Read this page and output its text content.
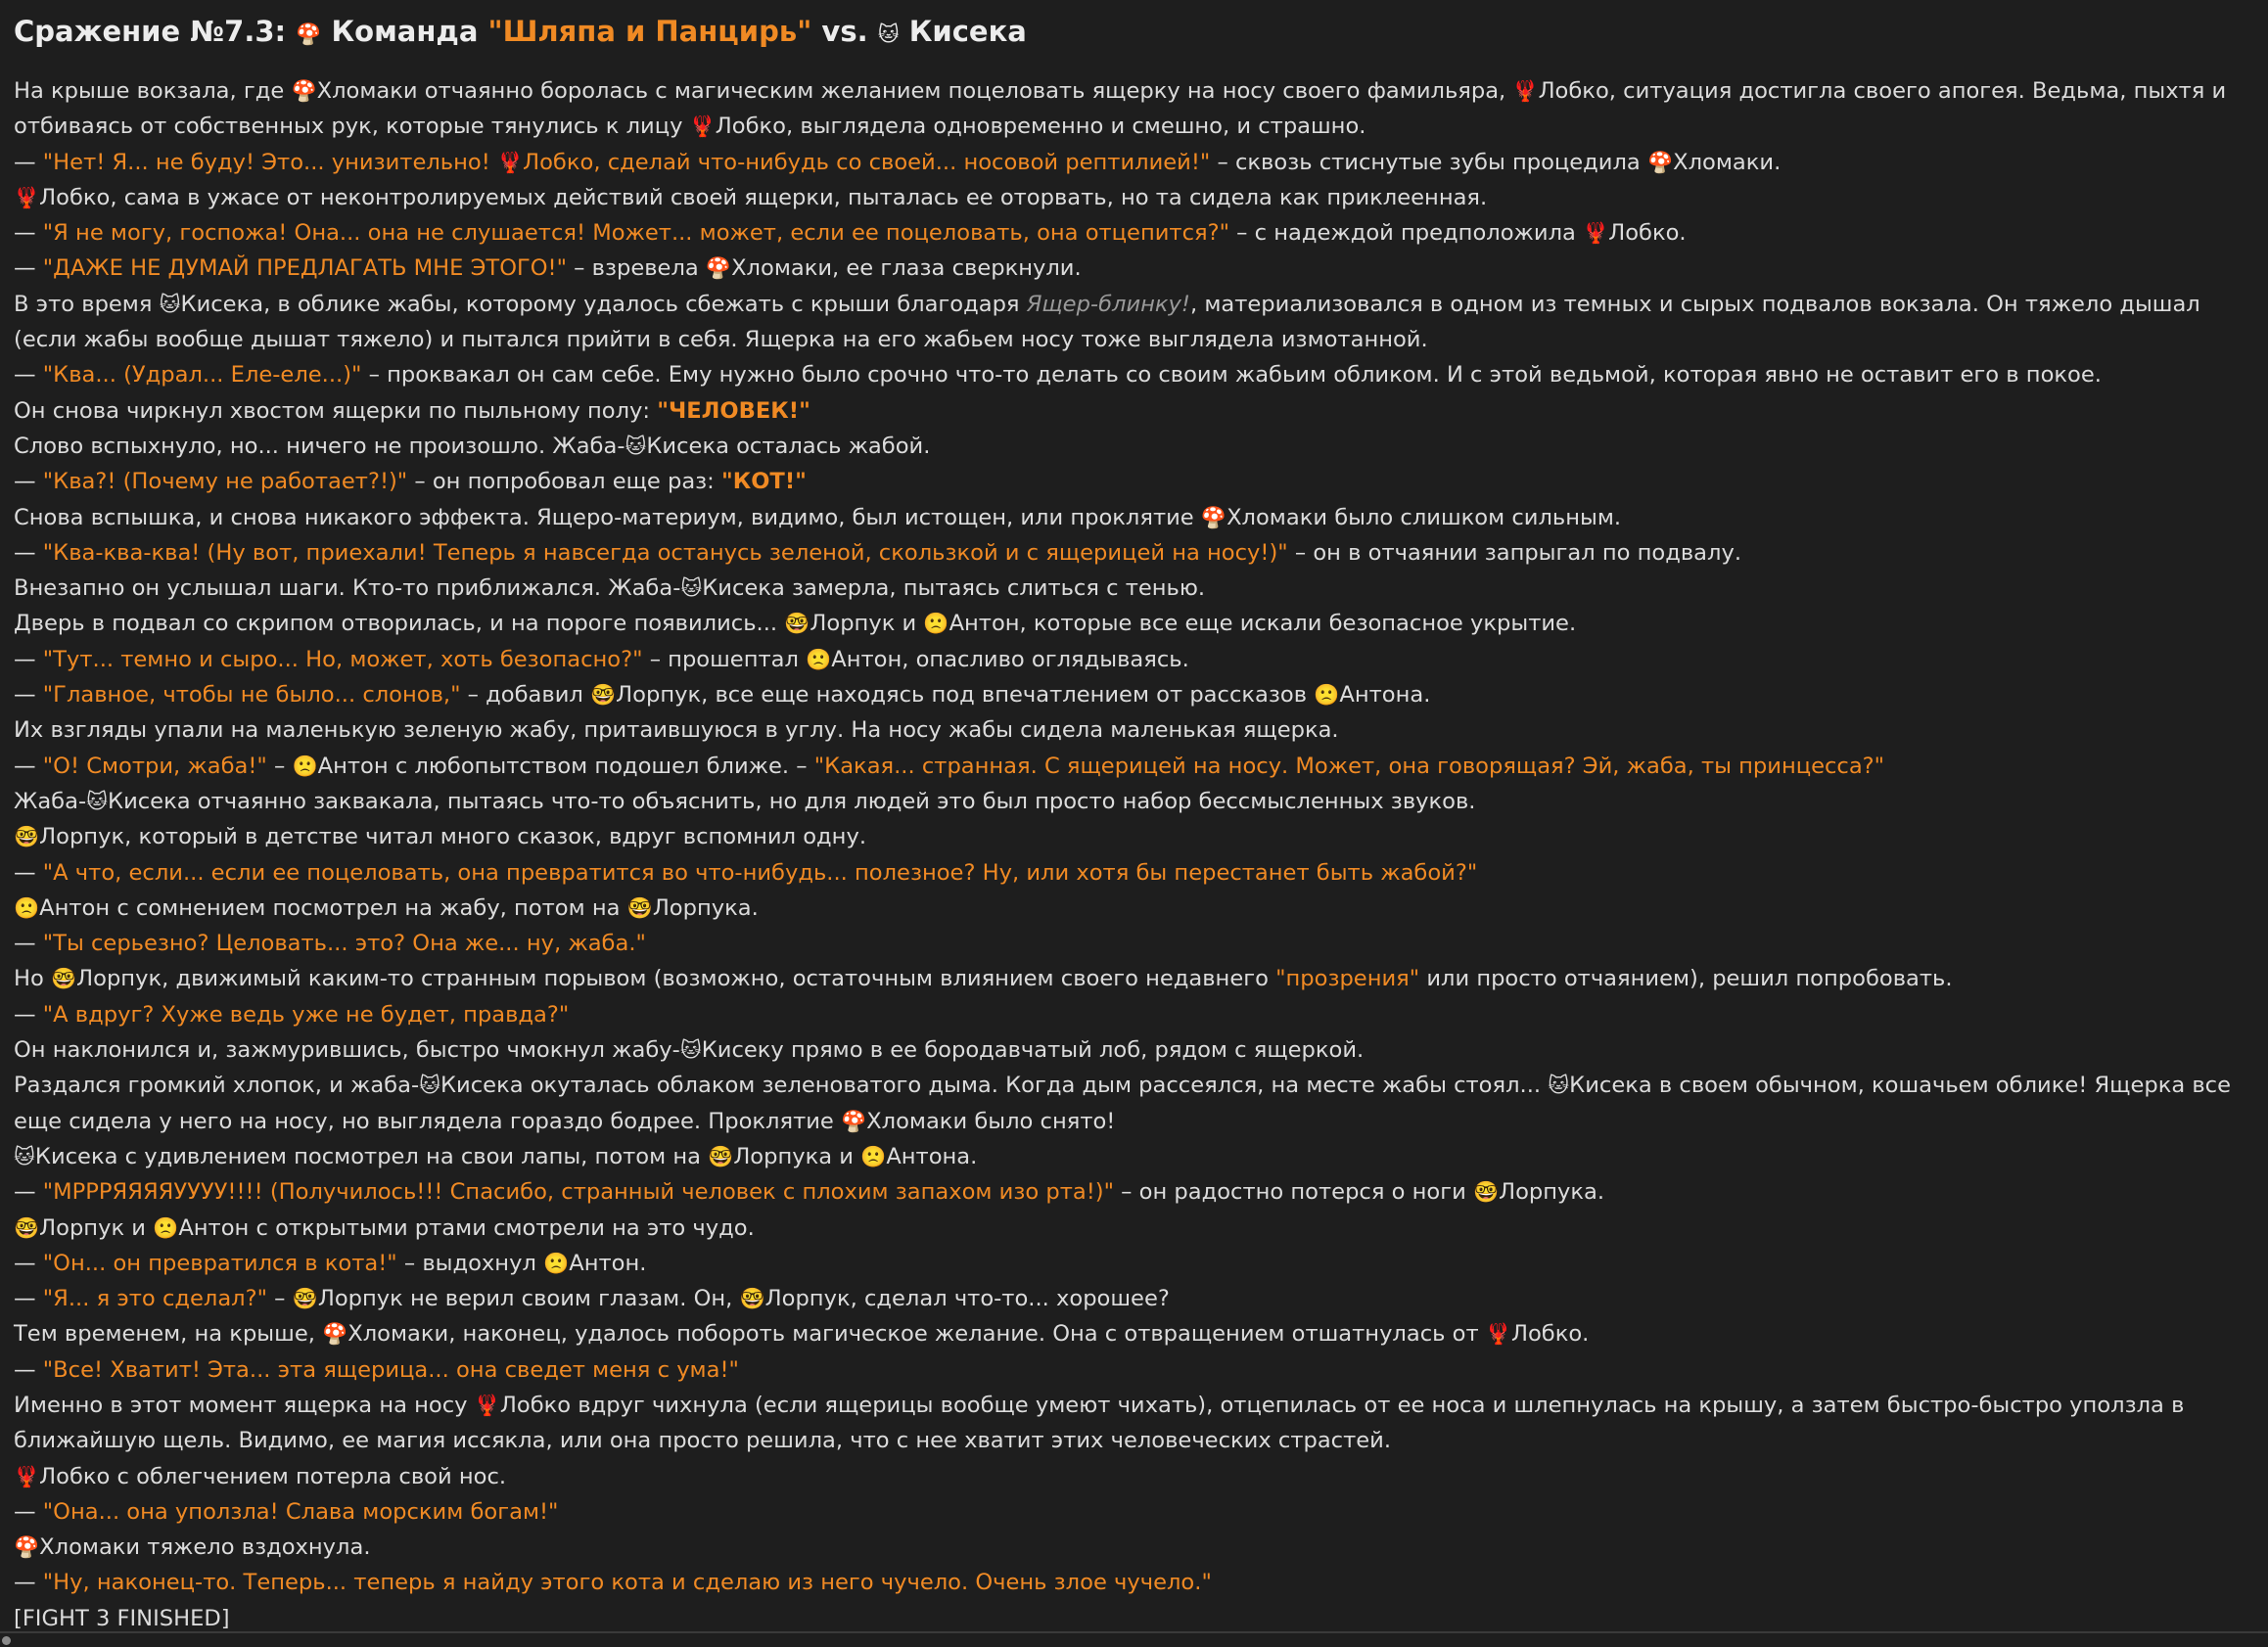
Сражение №7.3: 🍄 Команда "Шляпа и Панцирь" vs. 🐱 Кисека
На крыше вокзала, где 🍄Хломаки отчаянно боролась с магическим желанием поцеловать ящерку на носу своего фамильяра, 🦞Лобко, ситуация достигла своего апогея. Ведьма, пыхтя и отбиваясь от собственных рук, которые тянулись к лицу 🦞Лобко, выглядела одновременно и смешно, и страшно.
— "Нет! Я... не буду! Это... унизительно! 🦞Лобко, сделай что-нибудь со своей... носовой рептилией!" – сквозь стиснутые зубы процедила 🍄Хломаки.
🦞Лобко, сама в ужасе от неконтролируемых действий своей ящерки, пыталась ее оторвать, но та сидела как приклеенная.
— "Я не могу, госпожа! Она... она не слушается! Может... может, если ее поцеловать, она отцепится?" – с надеждой предположила 🦞Лобко.
— "ДАЖЕ НЕ ДУМАЙ ПРЕДЛАГАТЬ МНЕ ЭТОГО!" – взревела 🍄Хломаки, ее глаза сверкнули.
В это время 🐱Кисека, в облике жабы, которому удалось сбежать с крыши благодаря Ящер-блинку!, материализовался в одном из темных и сырых подвалов вокзала. Он тяжело дышал (если жабы вообще дышат тяжело) и пытался прийти в себя. Ящерка на его жабьем носу тоже выглядела измотанной.
— "Ква... (Удрал... Еле-еле...)" – проквакал он сам себе. Ему нужно было срочно что-то делать со своим жабьим обликом. И с этой ведьмой, которая явно не оставит его в покое.
Он снова чиркнул хвостом ящерки по пыльному полу: "ЧЕЛОВЕК!"
Слово вспыхнуло, но... ничего не произошло. Жаба-🐱Кисека осталась жабой.
— "Ква?! (Почему не работает?!)" – он попробовал еще раз: "КОТ!"
Снова вспышка, и снова никакого эффекта. Ящеро-материум, видимо, был истощен, или проклятие 🍄Хломаки было слишком сильным.
— "Ква-ква-ква! (Ну вот, приехали! Теперь я навсегда останусь зеленой, скользкой и с ящерицей на носу!)" – он в отчаянии запрыгал по подвалу.
Внезапно он услышал шаги. Кто-то приближался. Жаба-🐱Кисека замерла, пытаясь слиться с тенью.
Дверь в подвал со скрипом отворилась, и на пороге появились... 🤓Лорпук и 🙁Антон, которые все еще искали безопасное укрытие.
— "Тут... темно и сыро... Но, может, хоть безопасно?" – прошептал 🙁Антон, опасливо оглядываясь.
— "Главное, чтобы не было... слонов," – добавил 🤓Лорпук, все еще находясь под впечатлением от рассказов 🙁Антона.
Их взгляды упали на маленькую зеленую жабу, притаившуюся в углу. На носу жабы сидела маленькая ящерка.
— "О! Смотри, жаба!" – 🙁Антон с любопытством подошел ближе. – "Какая... странная. С ящерицей на носу. Может, она говорящая? Эй, жаба, ты принцесса?"
Жаба-🐱Кисека отчаянно заквакала, пытаясь что-то объяснить, но для людей это был просто набор бессмысленных звуков.
🤓Лорпук, который в детстве читал много сказок, вдруг вспомнил одну.
— "А что, если... если ее поцеловать, она превратится во что-нибудь... полезное? Ну, или хотя бы перестанет быть жабой?"
🙁Антон с сомнением посмотрел на жабу, потом на 🤓Лорпука.
— "Ты серьезно? Целовать... это? Она же... ну, жаба."
Но 🤓Лорпук, движимый каким-то странным порывом (возможно, остаточным влиянием своего недавнего "прозрения" или просто отчаянием), решил попробовать.
— "А вдруг? Хуже ведь уже не будет, правда?"
Он наклонился и, зажмурившись, быстро чмокнул жабу-🐱Кисеку прямо в ее бородавчатый лоб, рядом с ящеркой.
Раздался громкий хлопок, и жаба-🐱Кисека окуталась облаком зеленоватого дыма. Когда дым рассеялся, на месте жабы стоял... 🐱Кисека в своем обычном, кошачьем облике! Ящерка все еще сидела у него на носу, но выглядела гораздо бодрее. Проклятие 🍄Хломаки было снято!
🐱Кисека с удивлением посмотрел на свои лапы, потом на 🤓Лорпука и 🙁Антона.
— "МРРРЯЯЯЯУУУУ!!!! (Получилось!!! Спасибо, странный человек с плохим запахом изо рта!)" – он радостно потерся о ноги 🤓Лорпука.
🤓Лорпук и 🙁Антон с открытыми ртами смотрели на это чудо.
— "Он... он превратился в кота!" – выдохнул 🙁Антон.
— "Я... я это сделал?" – 🤓Лорпук не верил своим глазам. Он, 🤓Лорпук, сделал что-то... хорошее?
Тем временем, на крыше, 🍄Хломаки, наконец, удалось побороть магическое желание. Она с отвращением отшатнулась от 🦞Лобко.
— "Все! Хватит! Эта... эта ящерица... она сведет меня с ума!"
Именно в этот момент ящерка на носу 🦞Лобко вдруг чихнула (если ящерицы вообще умеют чихать), отцепилась от ее носа и шлепнулась на крышу, а затем быстро-быстро уползла в ближайшую щель. Видимо, ее магия иссякла, или она просто решила, что с нее хватит этих человеческих страстей.
🦞Лобко с облегчением потерла свой нос.
— "Она... она уползла! Слава морским богам!"
🍄Хломаки тяжело вздохнула.
— "Ну, наконец-то. Теперь... теперь я найду этого кота и сделаю из него чучело. Очень злое чучело."
[FIGHT 3 FINISHED]
